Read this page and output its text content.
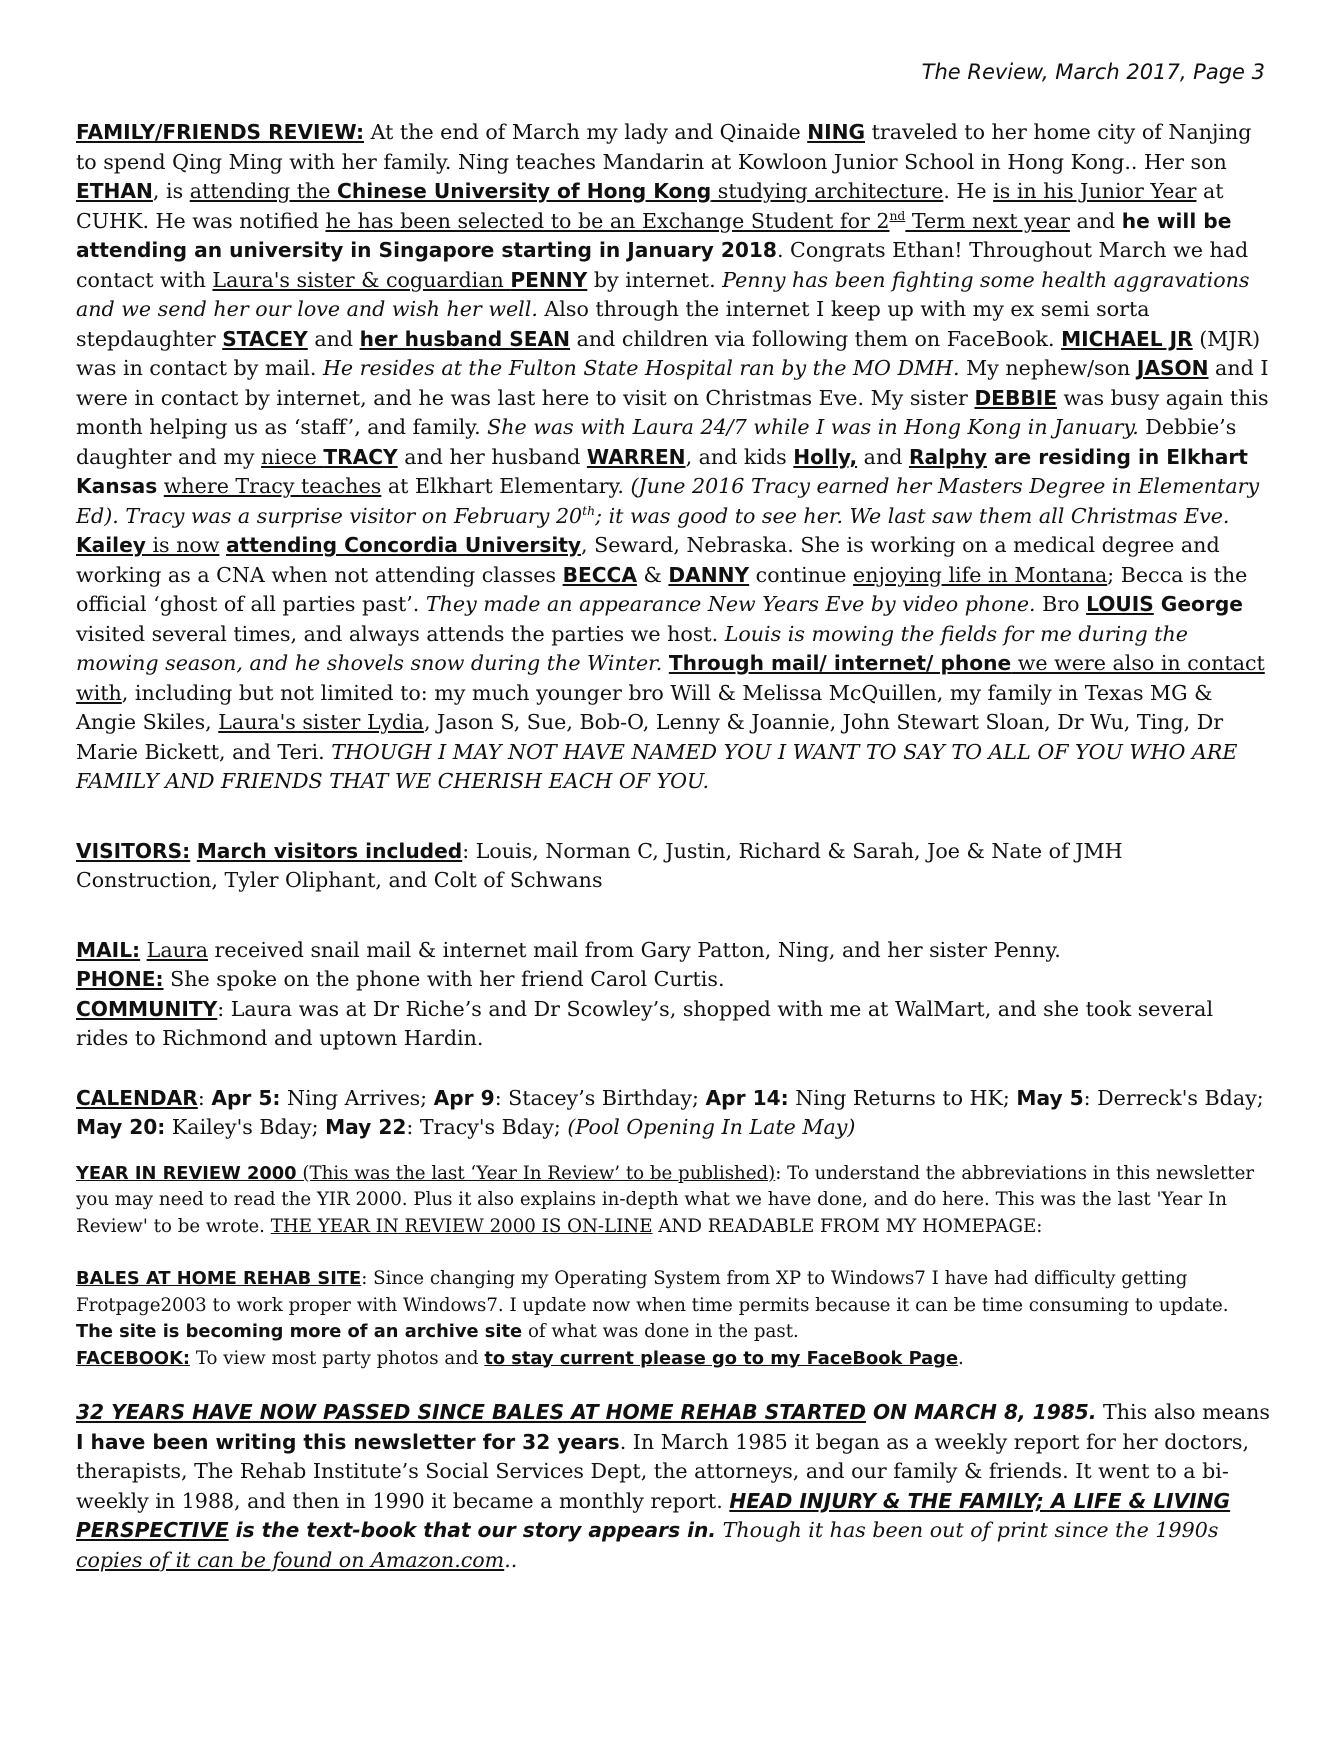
The Review, March 2017, Page 3

FAMILY/FRIENDS REVIEW: At the end of March my lady and Qinaide NING traveled to her home city of Nanjing to spend Qing Ming with her family. Ning teaches Mandarin at Kowloon Junior School in Hong Kong.. Her son ETHAN, is attending the Chinese University of Hong Kong studying architecture. He is in his Junior Year at CUHK. He was notified he has been selected to be an Exchange Student for 2nd Term next year and he will be attending an university in Singapore starting in January 2018. Congrats Ethan! Throughout March we had contact with Laura's sister & coguardian PENNY by internet. Penny has been fighting some health aggravations and we send her our love and wish her well. Also through the internet I keep up with my ex semi sorta stepdaughter STACEY and her husband SEAN and children via following them on FaceBook. MICHAEL JR (MJR) was in contact by mail. He resides at the Fulton State Hospital ran by the MO DMH. My nephew/son JASON and I were in contact by internet, and he was last here to visit on Christmas Eve. My sister DEBBIE was busy again this month helping us as ‘staff’, and family. She was with Laura 24/7 while I was in Hong Kong in January. Debbie’s daughter and my niece TRACY and her husband WARREN, and kids Holly, and Ralphy are residing in Elkhart Kansas where Tracy teaches at Elkhart Elementary. (June 2016 Tracy earned her Masters Degree in Elementary Ed). Tracy was a surprise visitor on February 20th; it was good to see her. We last saw them all Christmas Eve. Kailey is now attending Concordia University, Seward, Nebraska. She is working on a medical degree and working as a CNA when not attending classes BECCA & DANNY continue enjoying life in Montana; Becca is the official ‘ghost of all parties past’. They made an appearance New Years Eve by video phone. Bro LOUIS George visited several times, and always attends the parties we host. Louis is mowing the fields for me during the mowing season, and he shovels snow during the Winter. Through mail/ internet/ phone we were also in contact with, including but not limited to: my much younger bro Will & Melissa McQuillen, my family in Texas MG & Angie Skiles, Laura's sister Lydia, Jason S, Sue, Bob-O, Lenny & Joannie, John Stewart Sloan, Dr Wu, Ting, Dr Marie Bickett, and Teri. THOUGH I MAY NOT HAVE NAMED YOU I WANT TO SAY TO ALL OF YOU WHO ARE FAMILY AND FRIENDS THAT WE CHERISH EACH OF YOU.

VISITORS: March visitors included: Louis, Norman C, Justin, Richard & Sarah, Joe & Nate of JMH Construction, Tyler Oliphant, and Colt of Schwans

MAIL: Laura received snail mail & internet mail from Gary Patton, Ning, and her sister Penny.

PHONE: She spoke on the phone with her friend Carol Curtis.

COMMUNITY: Laura was at Dr Riche’s and Dr Scowley’s, shopped with me at WalMart, and she took several rides to Richmond and uptown Hardin.

CALENDAR: Apr 5: Ning Arrives; Apr 9: Stacey’s Birthday; Apr 14: Ning Returns to HK; May 5: Derreck's Bday; May 20: Kailey's Bday; May 22: Tracy's Bday; (Pool Opening In Late May)

YEAR IN REVIEW 2000 (This was the last ‘Year In Review’ to be published): To understand the abbreviations in this newsletter you may need to read the YIR 2000. Plus it also explains in-depth what we have done, and do here. This was the last 'Year In Review' to be wrote. THE YEAR IN REVIEW 2000 IS ON-LINE AND READABLE FROM MY HOMEPAGE:

BALES AT HOME REHAB SITE: Since changing my Operating System from XP to Windows7 I have had difficulty getting Frotpage2003 to work proper with Windows7. I update now when time permits because it can be time consuming to update. The site is becoming more of an archive site of what was done in the past.

FACEBOOK: To view most party photos and to stay current please go to my FaceBook Page.

32 YEARS HAVE NOW PASSED SINCE BALES AT HOME REHAB STARTED ON MARCH 8, 1985. This also means I have been writing this newsletter for 32 years. In March 1985 it began as a weekly report for her doctors, therapists, The Rehab Institute’s Social Services Dept, the attorneys, and our family & friends. It went to a bi-weekly in 1988, and then in 1990 it became a monthly report. HEAD INJURY & THE FAMILY; A LIFE & LIVING PERSPECTIVE is the text-book that our story appears in. Though it has been out of print since the 1990s copies of it can be found on Amazon.com..
